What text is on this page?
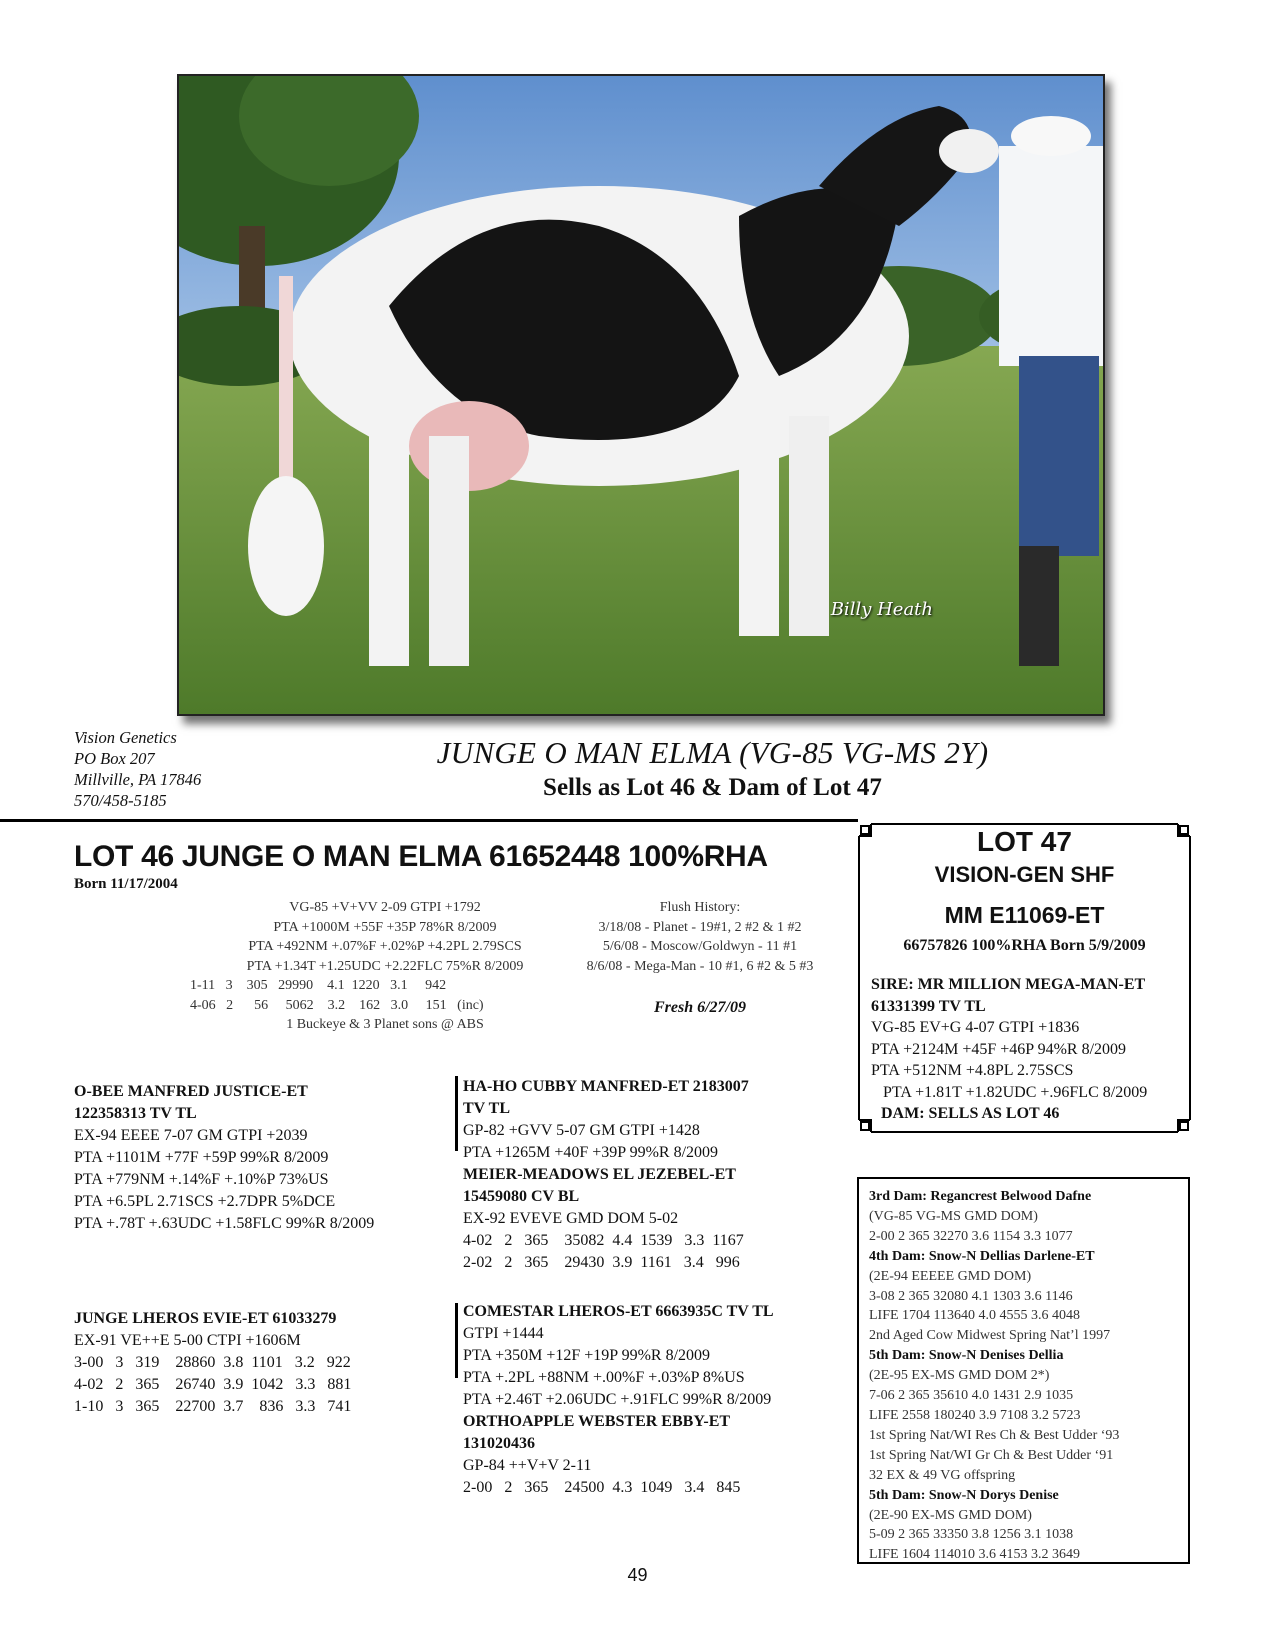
Billy Heath
Vision Genetics
PO Box 207
Millville, PA 17846
570/458-5185
JUNGE O MAN ELMA (VG-85 VG-MS 2Y)
Sells as Lot 46 & Dam of Lot 47
LOT 46 JUNGE O MAN ELMA 61652448 100%RHA
Born 11/17/2004
VG-85 +V+VV 2-09 GTPI +1792
PTA +1000M +55F +35P 78%R 8/2009
PTA +492NM +.07%F +.02%P +4.2PL 2.79SCS
PTA +1.34T +1.25UDC +2.22FLC 75%R 8/2009
1-11   3    305   29990    4.1  1220   3.1     942
4-06   2      56     5062    3.2    162   3.0     151   (inc)
1 Buckeye & 3 Planet sons @ ABS
Flush History:
3/18/08 - Planet - 19#1, 2 #2 & 1 #2
5/6/08 - Moscow/Goldwyn - 11 #1
8/6/08 - Mega-Man - 10 #1, 6 #2 & 5 #3
Fresh 6/27/09
O-BEE MANFRED JUSTICE-ET
122358313 TV TL
EX-94 EEEE 7-07 GM GTPI +2039
PTA +1101M +77F +59P 99%R 8/2009
PTA +779NM +.14%F +.10%P 73%US
PTA +6.5PL 2.71SCS +2.7DPR 5%DCE
PTA +.78T +.63UDC +1.58FLC 99%R 8/2009
JUNGE LHEROS EVIE-ET 61033279
EX-91 VE++E 5-00 CTPI +1606M
3-00   3   319    28860  3.8  1101   3.2   922
4-02   2   365    26740  3.9  1042   3.3   881
1-10   3   365    22700  3.7    836   3.3   741
HA-HO CUBBY MANFRED-ET 2183007
TV TL
GP-82 +GVV 5-07 GM GTPI +1428
PTA +1265M +40F +39P 99%R 8/2009
MEIER-MEADOWS EL JEZEBEL-ET
15459080 CV BL
EX-92 EVEVE GMD DOM 5-02
4-02   2   365    35082  4.4  1539   3.3  1167
2-02   2   365    29430  3.9  1161   3.4   996
COMESTAR LHEROS-ET 6663935C TV TL
GTPI +1444
PTA +350M +12F +19P 99%R 8/2009
PTA +.2PL +88NM +.00%F +.03%P 8%US
PTA +2.46T +2.06UDC +.91FLC 99%R 8/2009
ORTHOAPPLE WEBSTER EBBY-ET
131020436
GP-84 ++V+V 2-11
2-00   2   365    24500  4.3  1049   3.4   845
LOT 47
VISION-GEN SHF
MM E11069-ET
66757826 100%RHA Born 5/9/2009
SIRE: MR MILLION MEGA-MAN-ET
61331399 TV TL
VG-85 EV+G 4-07 GTPI +1836
PTA +2124M +45F +46P 94%R 8/2009
PTA +512NM +4.8PL 2.75SCS
PTA +1.81T +1.82UDC +.96FLC 8/2009
DAM: SELLS AS LOT 46
3rd Dam: Regancrest Belwood Dafne
(VG-85 VG-MS GMD DOM)
2-00 2 365 32270 3.6 1154 3.3 1077
4th Dam: Snow-N Dellias Darlene-ET
(2E-94 EEEEE GMD DOM)
3-08 2 365 32080 4.1 1303 3.6 1146
LIFE 1704 113640 4.0 4555 3.6 4048
2nd Aged Cow Midwest Spring Nat’l 1997
5th Dam: Snow-N Denises Dellia
(2E-95 EX-MS GMD DOM 2*)
7-06 2 365 35610 4.0 1431 2.9 1035
LIFE 2558 180240 3.9 7108 3.2 5723
1st Spring Nat/WI Res Ch & Best Udder ‘93
1st Spring Nat/WI Gr Ch & Best Udder ‘91
32 EX & 49 VG offspring
5th Dam: Snow-N Dorys Denise
(2E-90 EX-MS GMD DOM)
5-09 2 365 33350 3.8 1256 3.1 1038
LIFE 1604 114010 3.6 4153 3.2 3649
49
